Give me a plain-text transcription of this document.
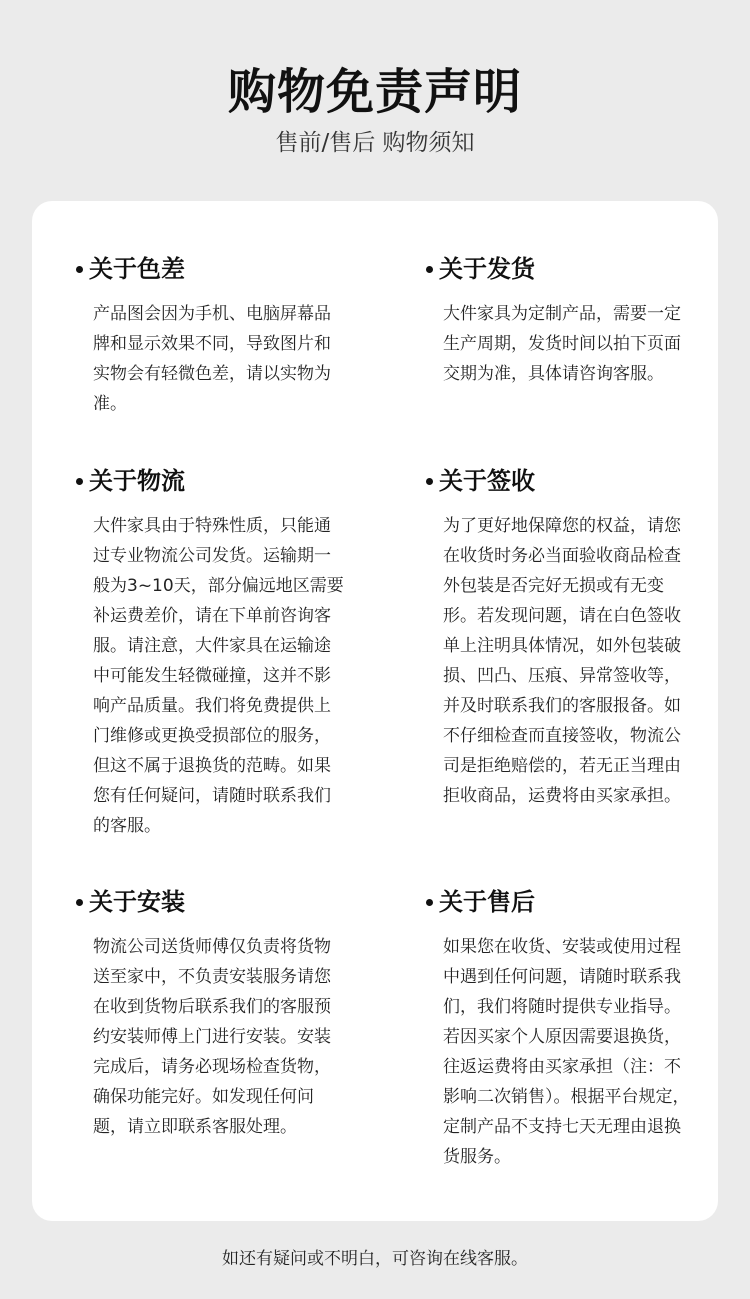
购物免责声明
售前/售后 购物须知
关于色差
产品图会因为手机、电脑屏幕品牌和显示效果不同，导致图片和实物会有轻微色差，请以实物为准。
关于发货
大件家具为定制产品，需要一定生产周期，发货时间以拍下页面交期为准，具体请咨询客服。
关于物流
大件家具由于特殊性质，只能通过专业物流公司发货。运输期一般为3~10天，部分偏远地区需要补运费差价，请在下单前咨询客服。请注意，大件家具在运输途中可能发生轻微碰撞，这并不影响产品质量。我们将免费提供上门维修或更换受损部位的服务，但这不属于退换货的范畴。如果您有任何疑问，请随时联系我们的客服。
关于签收
为了更好地保障您的权益，请您在收货时务必当面验收商品检查外包装是否完好无损或有无变形。若发现问题，请在白色签收单上注明具体情况，如外包装破损、凹凸、压痕、异常签收等，并及时联系我们的客服报备。如不仔细检查而直接签收，物流公司是拒绝赔偿的，若无正当理由拒收商品，运费将由买家承担。
关于安装
物流公司送货师傅仅负责将货物送至家中，不负责安装服务请您在收到货物后联系我们的客服预约安装师傅上门进行安装。安装完成后，请务必现场检查货物，确保功能完好。如发现任何问题，请立即联系客服处理。
关于售后
如果您在收货、安装或使用过程中遇到任何问题，请随时联系我们，我们将随时提供专业指导。若因买家个人原因需要退换货，往返运费将由买家承担（注：不影响二次销售）。根据平台规定，定制产品不支持七天无理由退换货服务。
如还有疑问或不明白，可咨询在线客服。
